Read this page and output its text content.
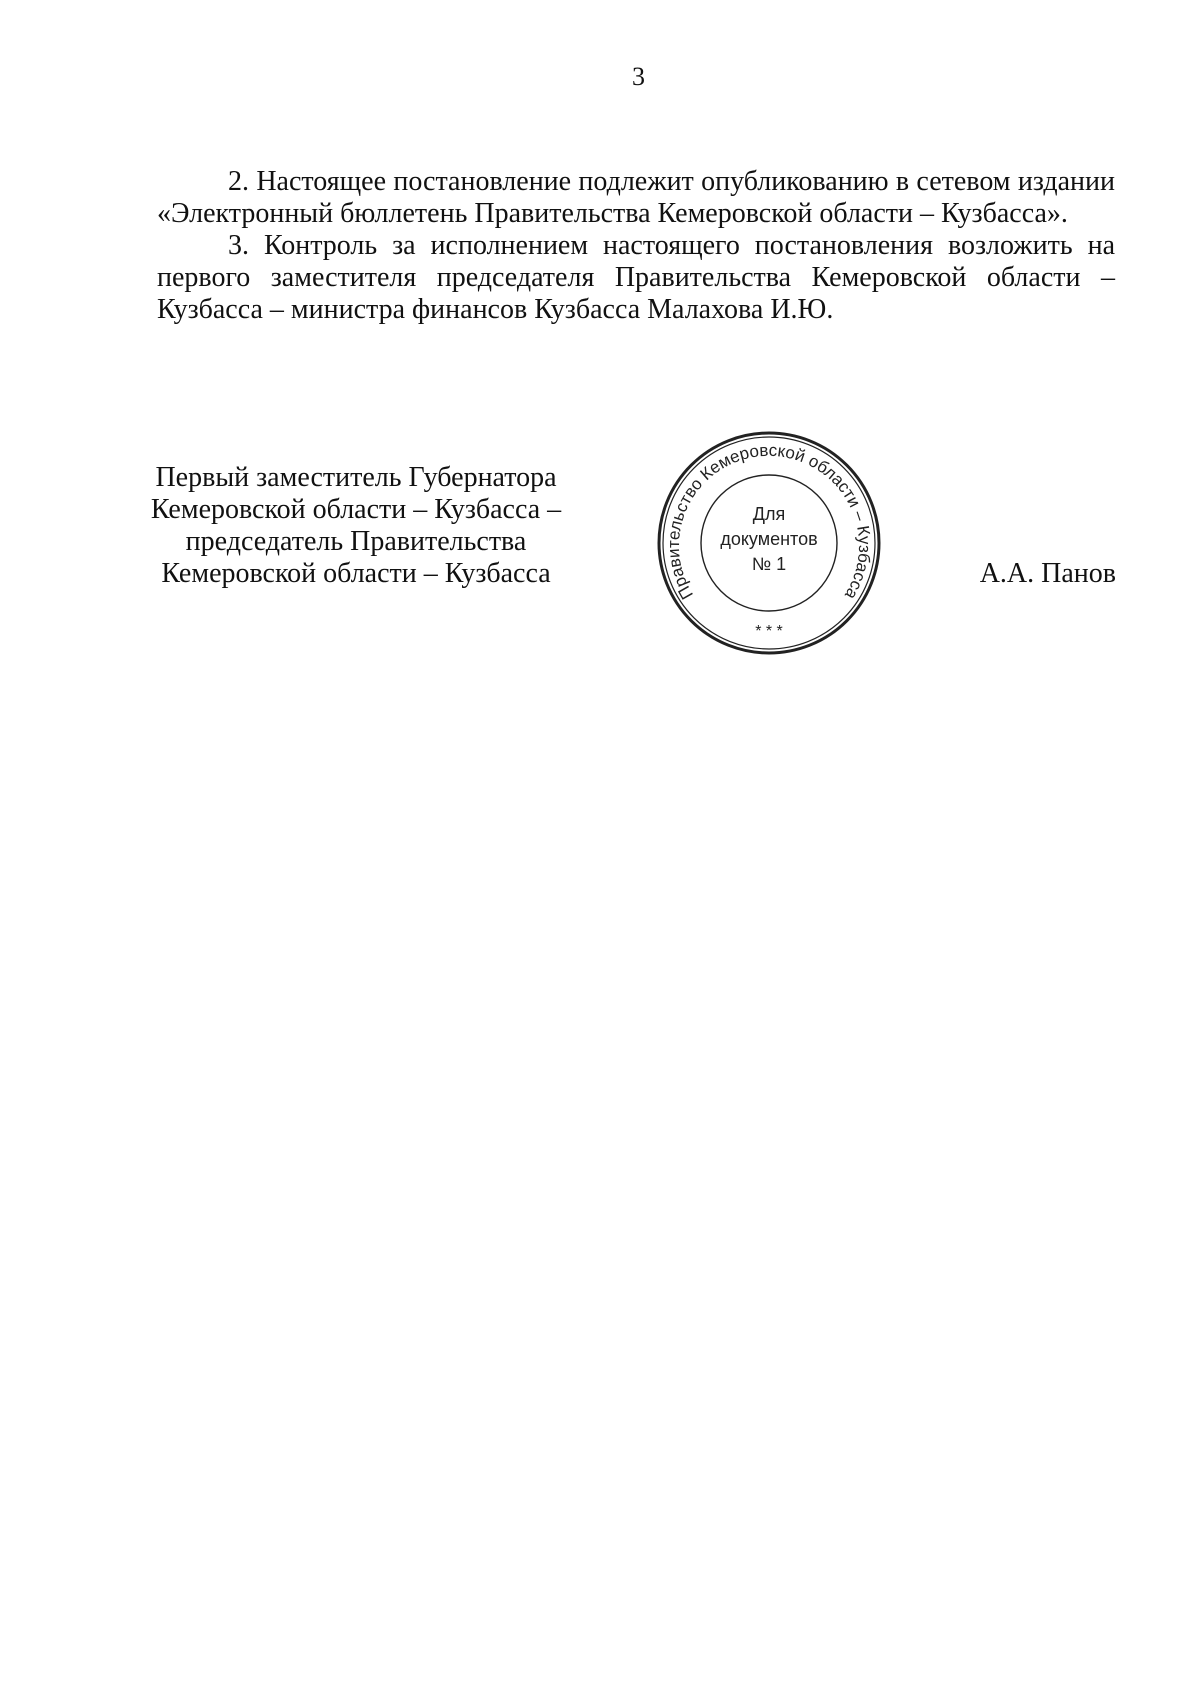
3

2. Настоящее постановление подлежит опубликованию в сетевом издании «Электронный бюллетень Правительства Кемеровской области – Кузбасса».

3. Контроль за исполнением настоящего постановления возложить на первого заместителя председателя Правительства Кемеровской области – Кузбасса – министра финансов Кузбасса Малахова И.Ю.

Первый заместитель Губернатора
Кемеровской области – Кузбасса –
председатель Правительства
Кемеровской области – Кузбасса
Правительство Кемеровской области – Кузбасса
Для
документов
№ 1
* * *
А.А. Панов
